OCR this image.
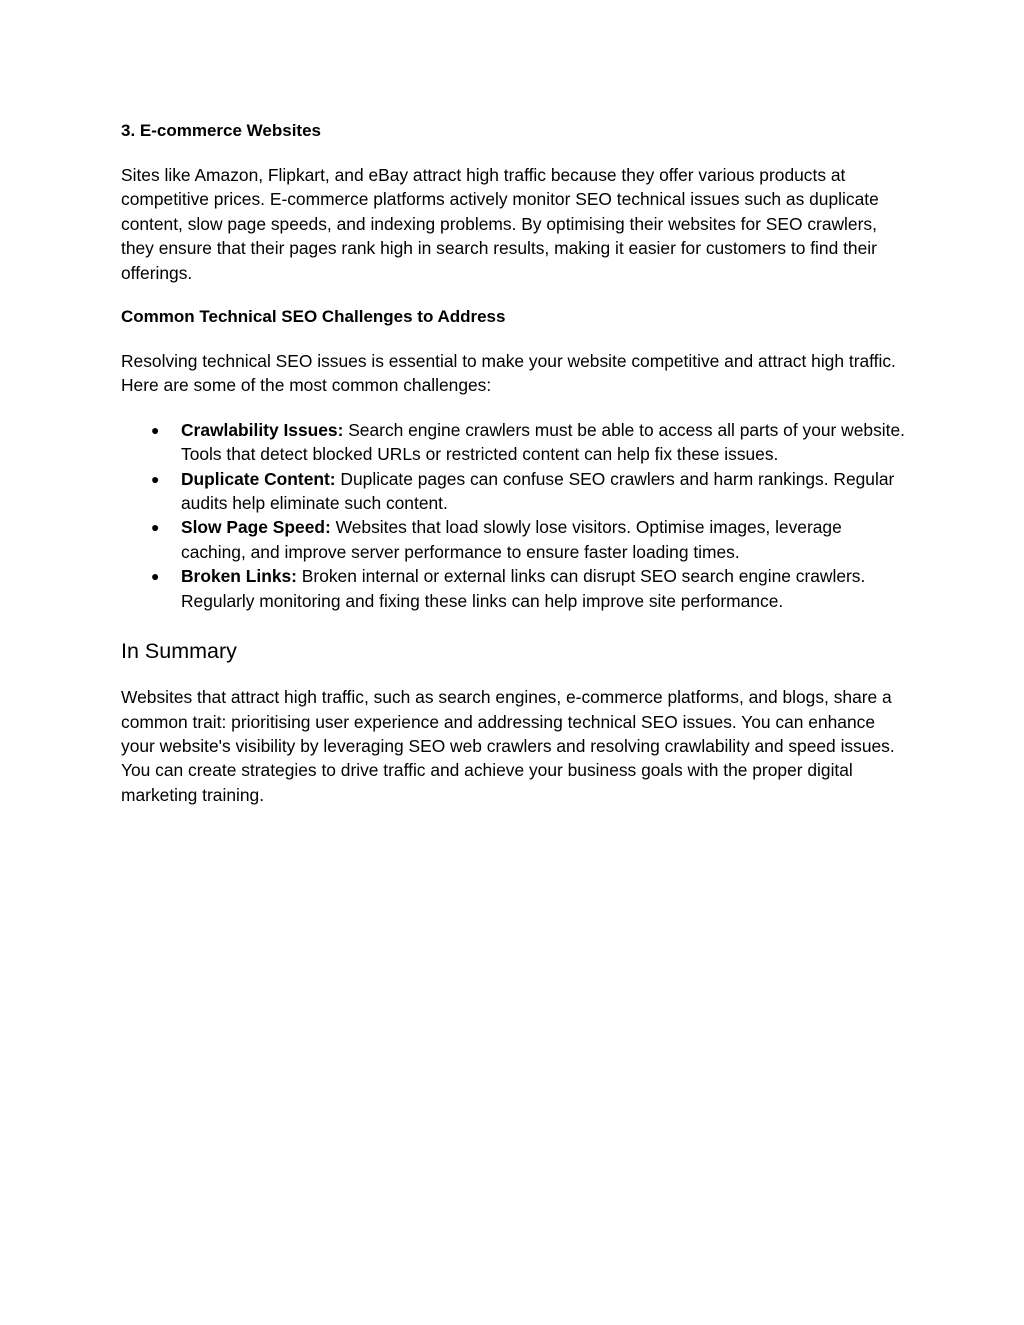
3. E-commerce Websites

Sites like Amazon, Flipkart, and eBay attract high traffic because they offer various products at competitive prices. E-commerce platforms actively monitor SEO technical issues such as duplicate content, slow page speeds, and indexing problems. By optimising their websites for SEO crawlers, they ensure that their pages rank high in search results, making it easier for customers to find their offerings.

Common Technical SEO Challenges to Address

Resolving technical SEO issues is essential to make your website competitive and attract high traffic. Here are some of the most common challenges:

● Crawlability Issues: Search engine crawlers must be able to access all parts of your website. Tools that detect blocked URLs or restricted content can help fix these issues.
● Duplicate Content: Duplicate pages can confuse SEO crawlers and harm rankings. Regular audits help eliminate such content.
● Slow Page Speed: Websites that load slowly lose visitors. Optimise images, leverage caching, and improve server performance to ensure faster loading times.
● Broken Links: Broken internal or external links can disrupt SEO search engine crawlers. Regularly monitoring and fixing these links can help improve site performance.
In Summary

Websites that attract high traffic, such as search engines, e-commerce platforms, and blogs, share a common trait: prioritising user experience and addressing technical SEO issues. You can enhance your website's visibility by leveraging SEO web crawlers and resolving crawlability and speed issues. You can create strategies to drive traffic and achieve your business goals with the proper digital marketing training.
